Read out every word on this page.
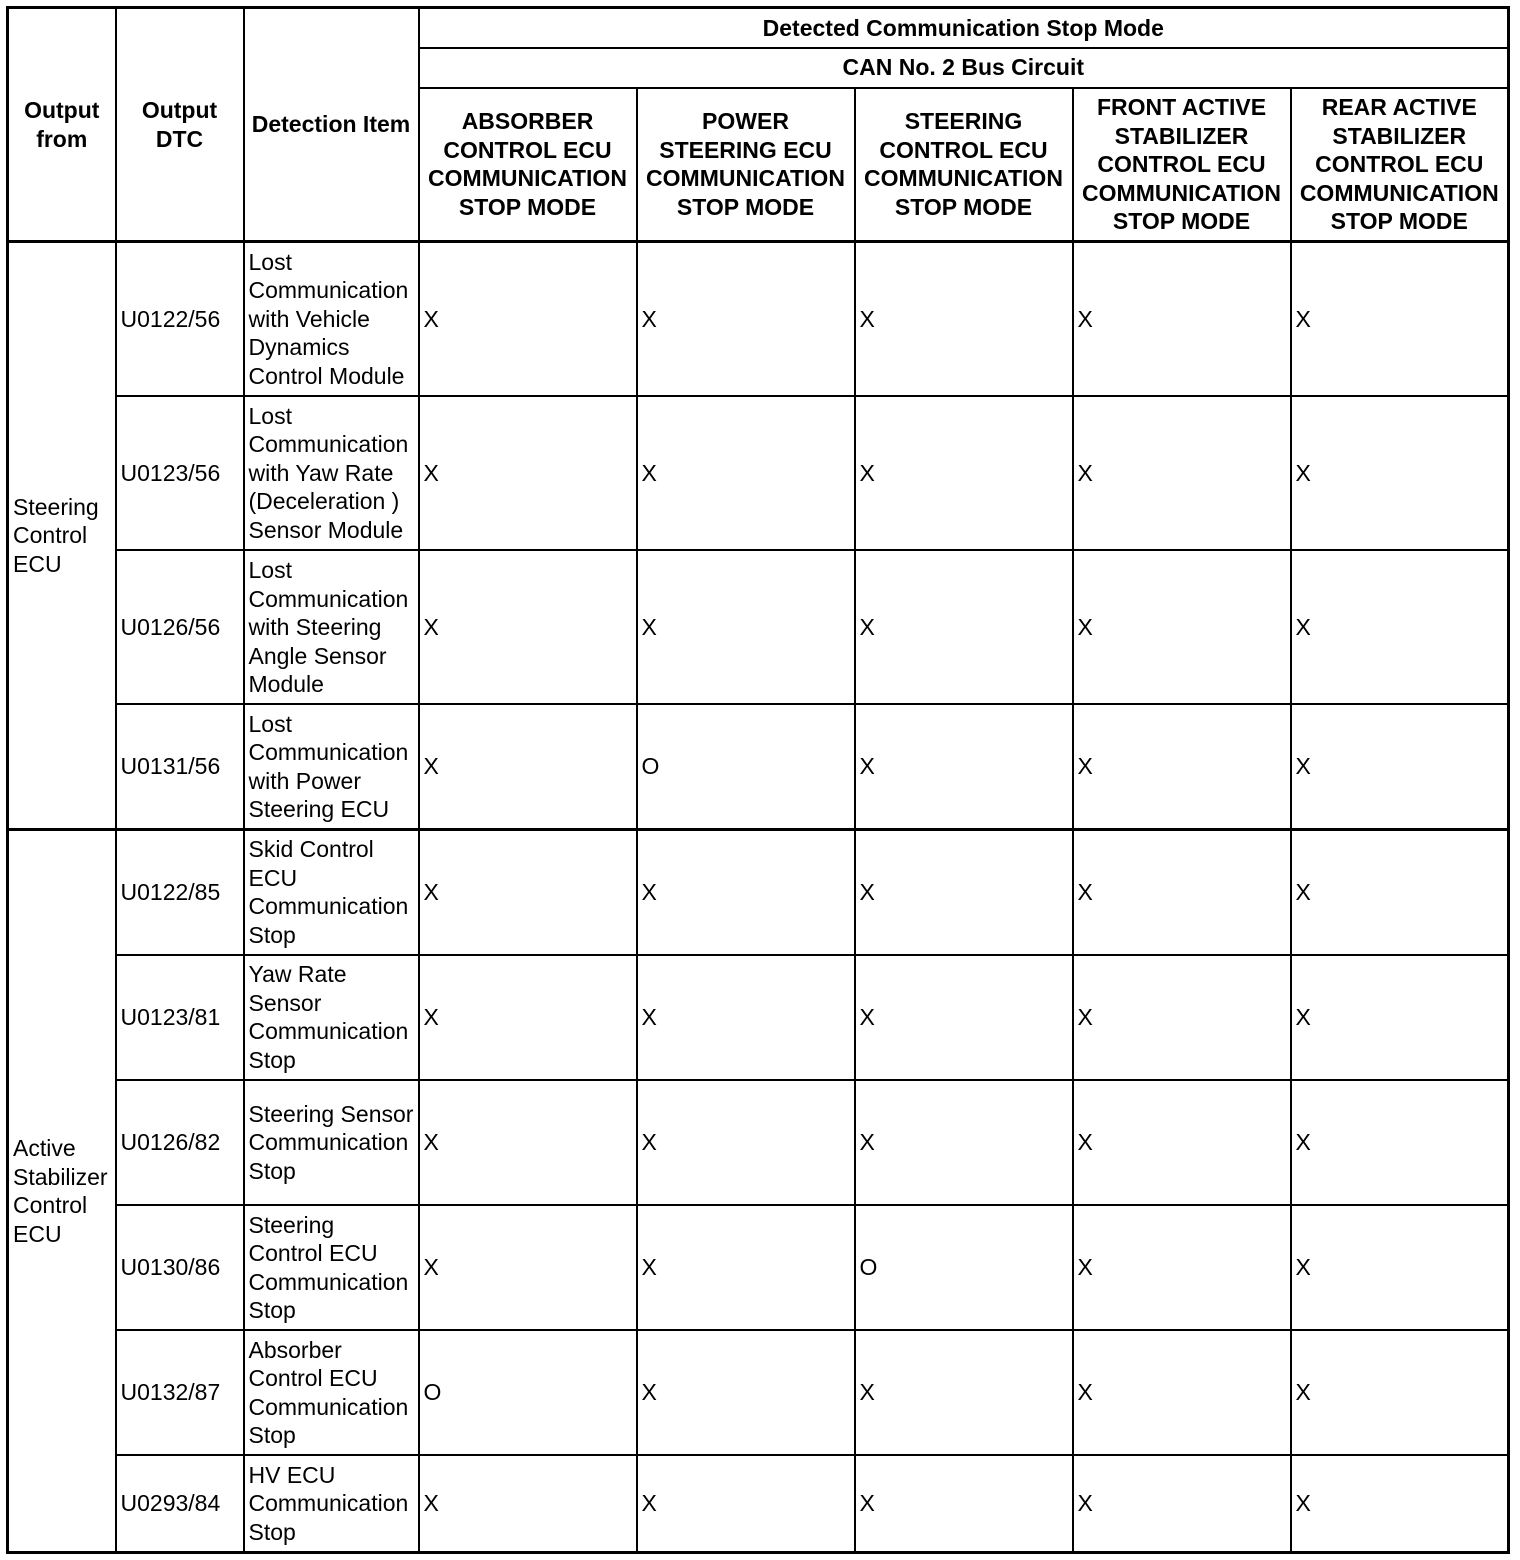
Output from	Output DTC	Detection Item	Detected Communication Stop Mode				
			CAN No. 2 Bus Circuit				
			ABSORBER CONTROL ECU COMMUNICATION STOP MODE	POWER STEERING ECU COMMUNICATION STOP MODE	STEERING CONTROL ECU COMMUNICATION STOP MODE	FRONT ACTIVE STABILIZER CONTROL ECU COMMUNICATION STOP MODE	REAR ACTIVE STABILIZER CONTROL ECU COMMUNICATION STOP MODE
Steering Control ECU	U0122/56	Lost Communication with Vehicle Dynamics Control Module	X	X	X	X	X
	U0123/56	Lost Communication with Yaw Rate (Deceleration ) Sensor Module	X	X	X	X	X
	U0126/56	Lost Communication with Steering Angle Sensor Module	X	X	X	X	X
	U0131/56	Lost Communication with Power Steering ECU	X	O	X	X	X
Active Stabilizer Control ECU	U0122/85	Skid Control ECU Communication Stop	X	X	X	X	X
	U0123/81	Yaw Rate Sensor Communication Stop	X	X	X	X	X
	U0126/82	Steering Sensor Communication Stop	X	X	X	X	X
	U0130/86	Steering Control ECU Communication Stop	X	X	O	X	X
	U0132/87	Absorber Control ECU Communication Stop	O	X	X	X	X
	U0293/84	HV ECU Communication Stop	X	X	X	X	X
